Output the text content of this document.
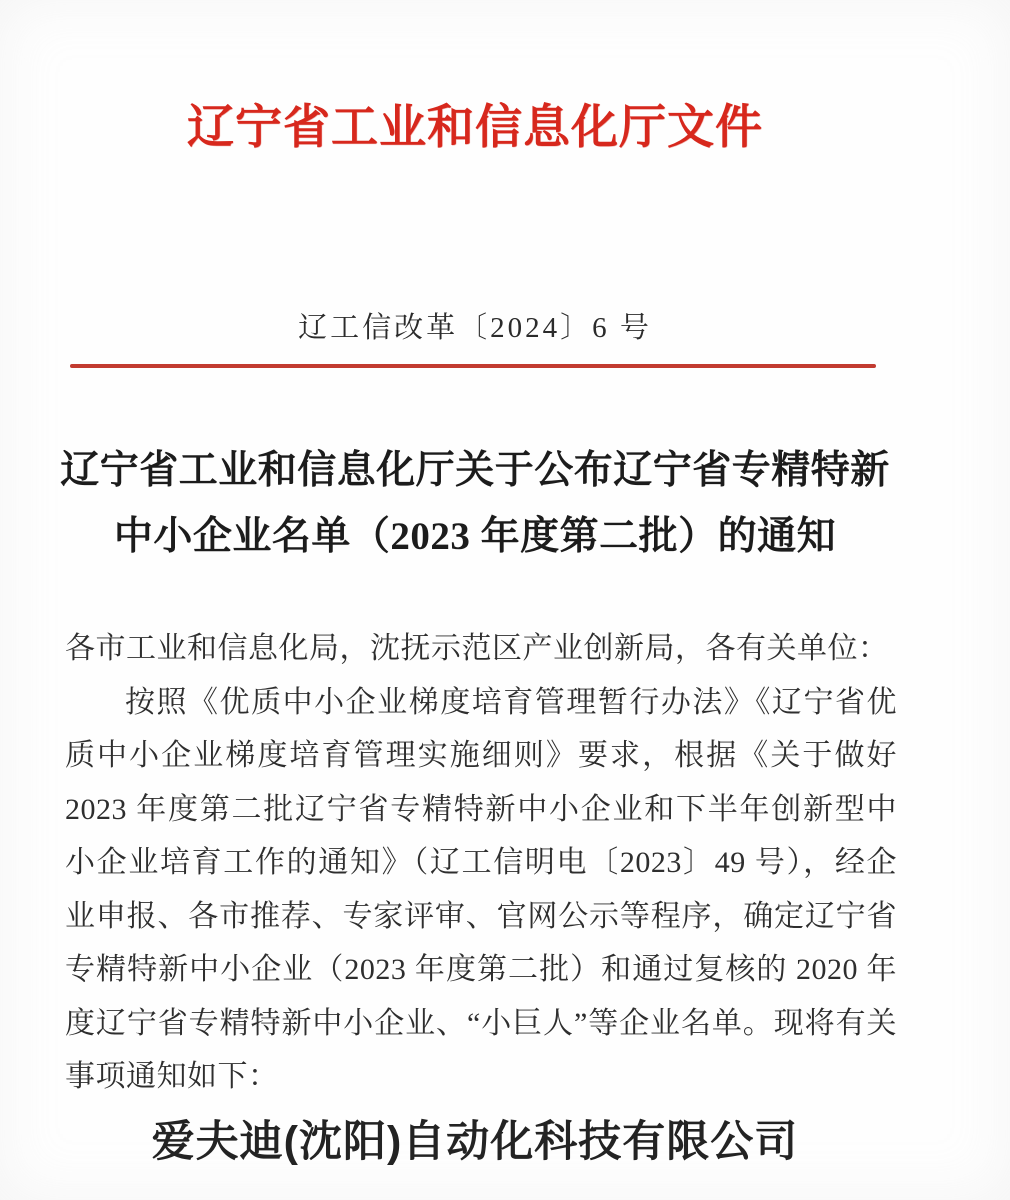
辽宁省工业和信息化厅文件
辽工信改革〔2024〕6 号
辽宁省工业和信息化厅关于公布辽宁省专精特新
中小企业名单（2023 年度第二批）的通知

各市工业和信息化局，沈抚示范区产业创新局，各有关单位：

按照《优质中小企业梯度培育管理暂行办法》《辽宁省优质中小企业梯度培育管理实施细则》要求，根据《关于做好 2023 年度第二批辽宁省专精特新中小企业和下半年创新型中小企业培育工作的通知》（辽工信明电〔2023〕49 号），经企业申报、各市推荐、专家评审、官网公示等程序，确定辽宁省专精特新中小企业（2023 年度第二批）和通过复核的 2020 年度辽宁省专精特新中小企业、“小巨人”等企业名单。现将有关事项通知如下：

爱夫迪(沈阳)自动化科技有限公司
